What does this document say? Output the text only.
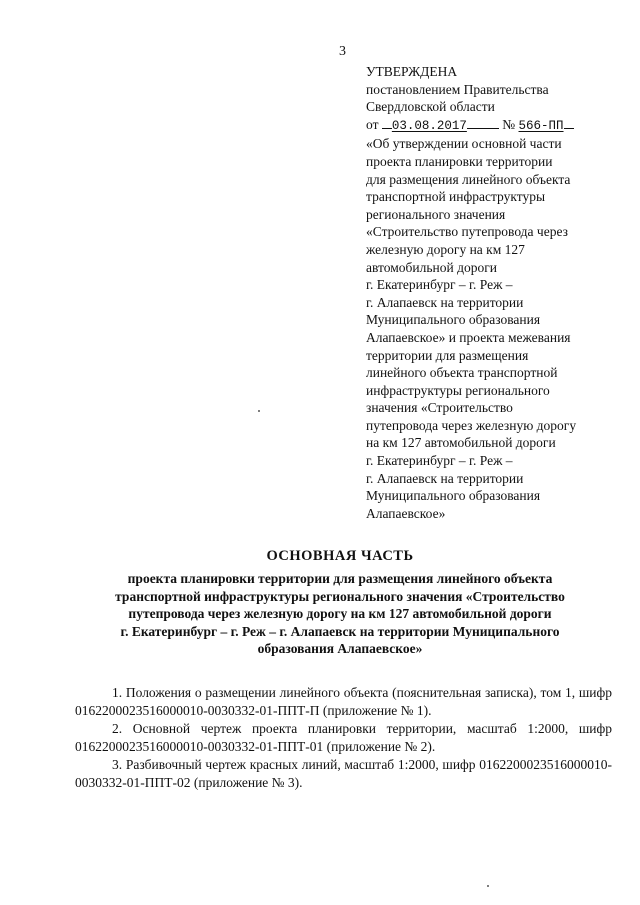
3
УТВЕРЖДЕНА
постановлением Правительства
Свердловской области
от 03.08.2017	№ 566-ПП
«Об утверждении основной части
проекта планировки территории
для размещения линейного объекта
транспортной инфраструктуры
регионального значения
«Строительство путепровода через
железную дорогу на км 127
автомобильной дороги
г. Екатеринбург – г. Реж –
г. Алапаевск на территории
Муниципального образования
Алапаевское» и проекта межевания
территории для размещения
линейного объекта транспортной
инфраструктуры регионального
значения «Строительство
путепровода через железную дорогу
на км 127 автомобильной дороги
г. Екатеринбург – г. Реж –
г. Алапаевск на территории
Муниципального образования
Алапаевское»
ОСНОВНАЯ ЧАСТЬ
проекта планировки территории для размещения линейного объекта
транспортной инфраструктуры регионального значения «Строительство
путепровода через железную дорогу на км 127 автомобильной дороги
г. Екатеринбург – г. Реж – г. Алапаевск на территории Муниципального
образования Алапаевское»

1. Положения о размещении линейного объекта (пояснительная записка), том 1, шифр 0162200023516000010-0030332-01-ППТ-П (приложение № 1).

2. Основной чертеж проекта планировки территории, масштаб 1:2000, шифр 0162200023516000010-0030332-01-ППТ-01 (приложение № 2).

3. Разбивочный чертеж красных линий, масштаб 1:2000, шифр 0162200023516000010-0030332-01-ППТ-02 (приложение № 3).
